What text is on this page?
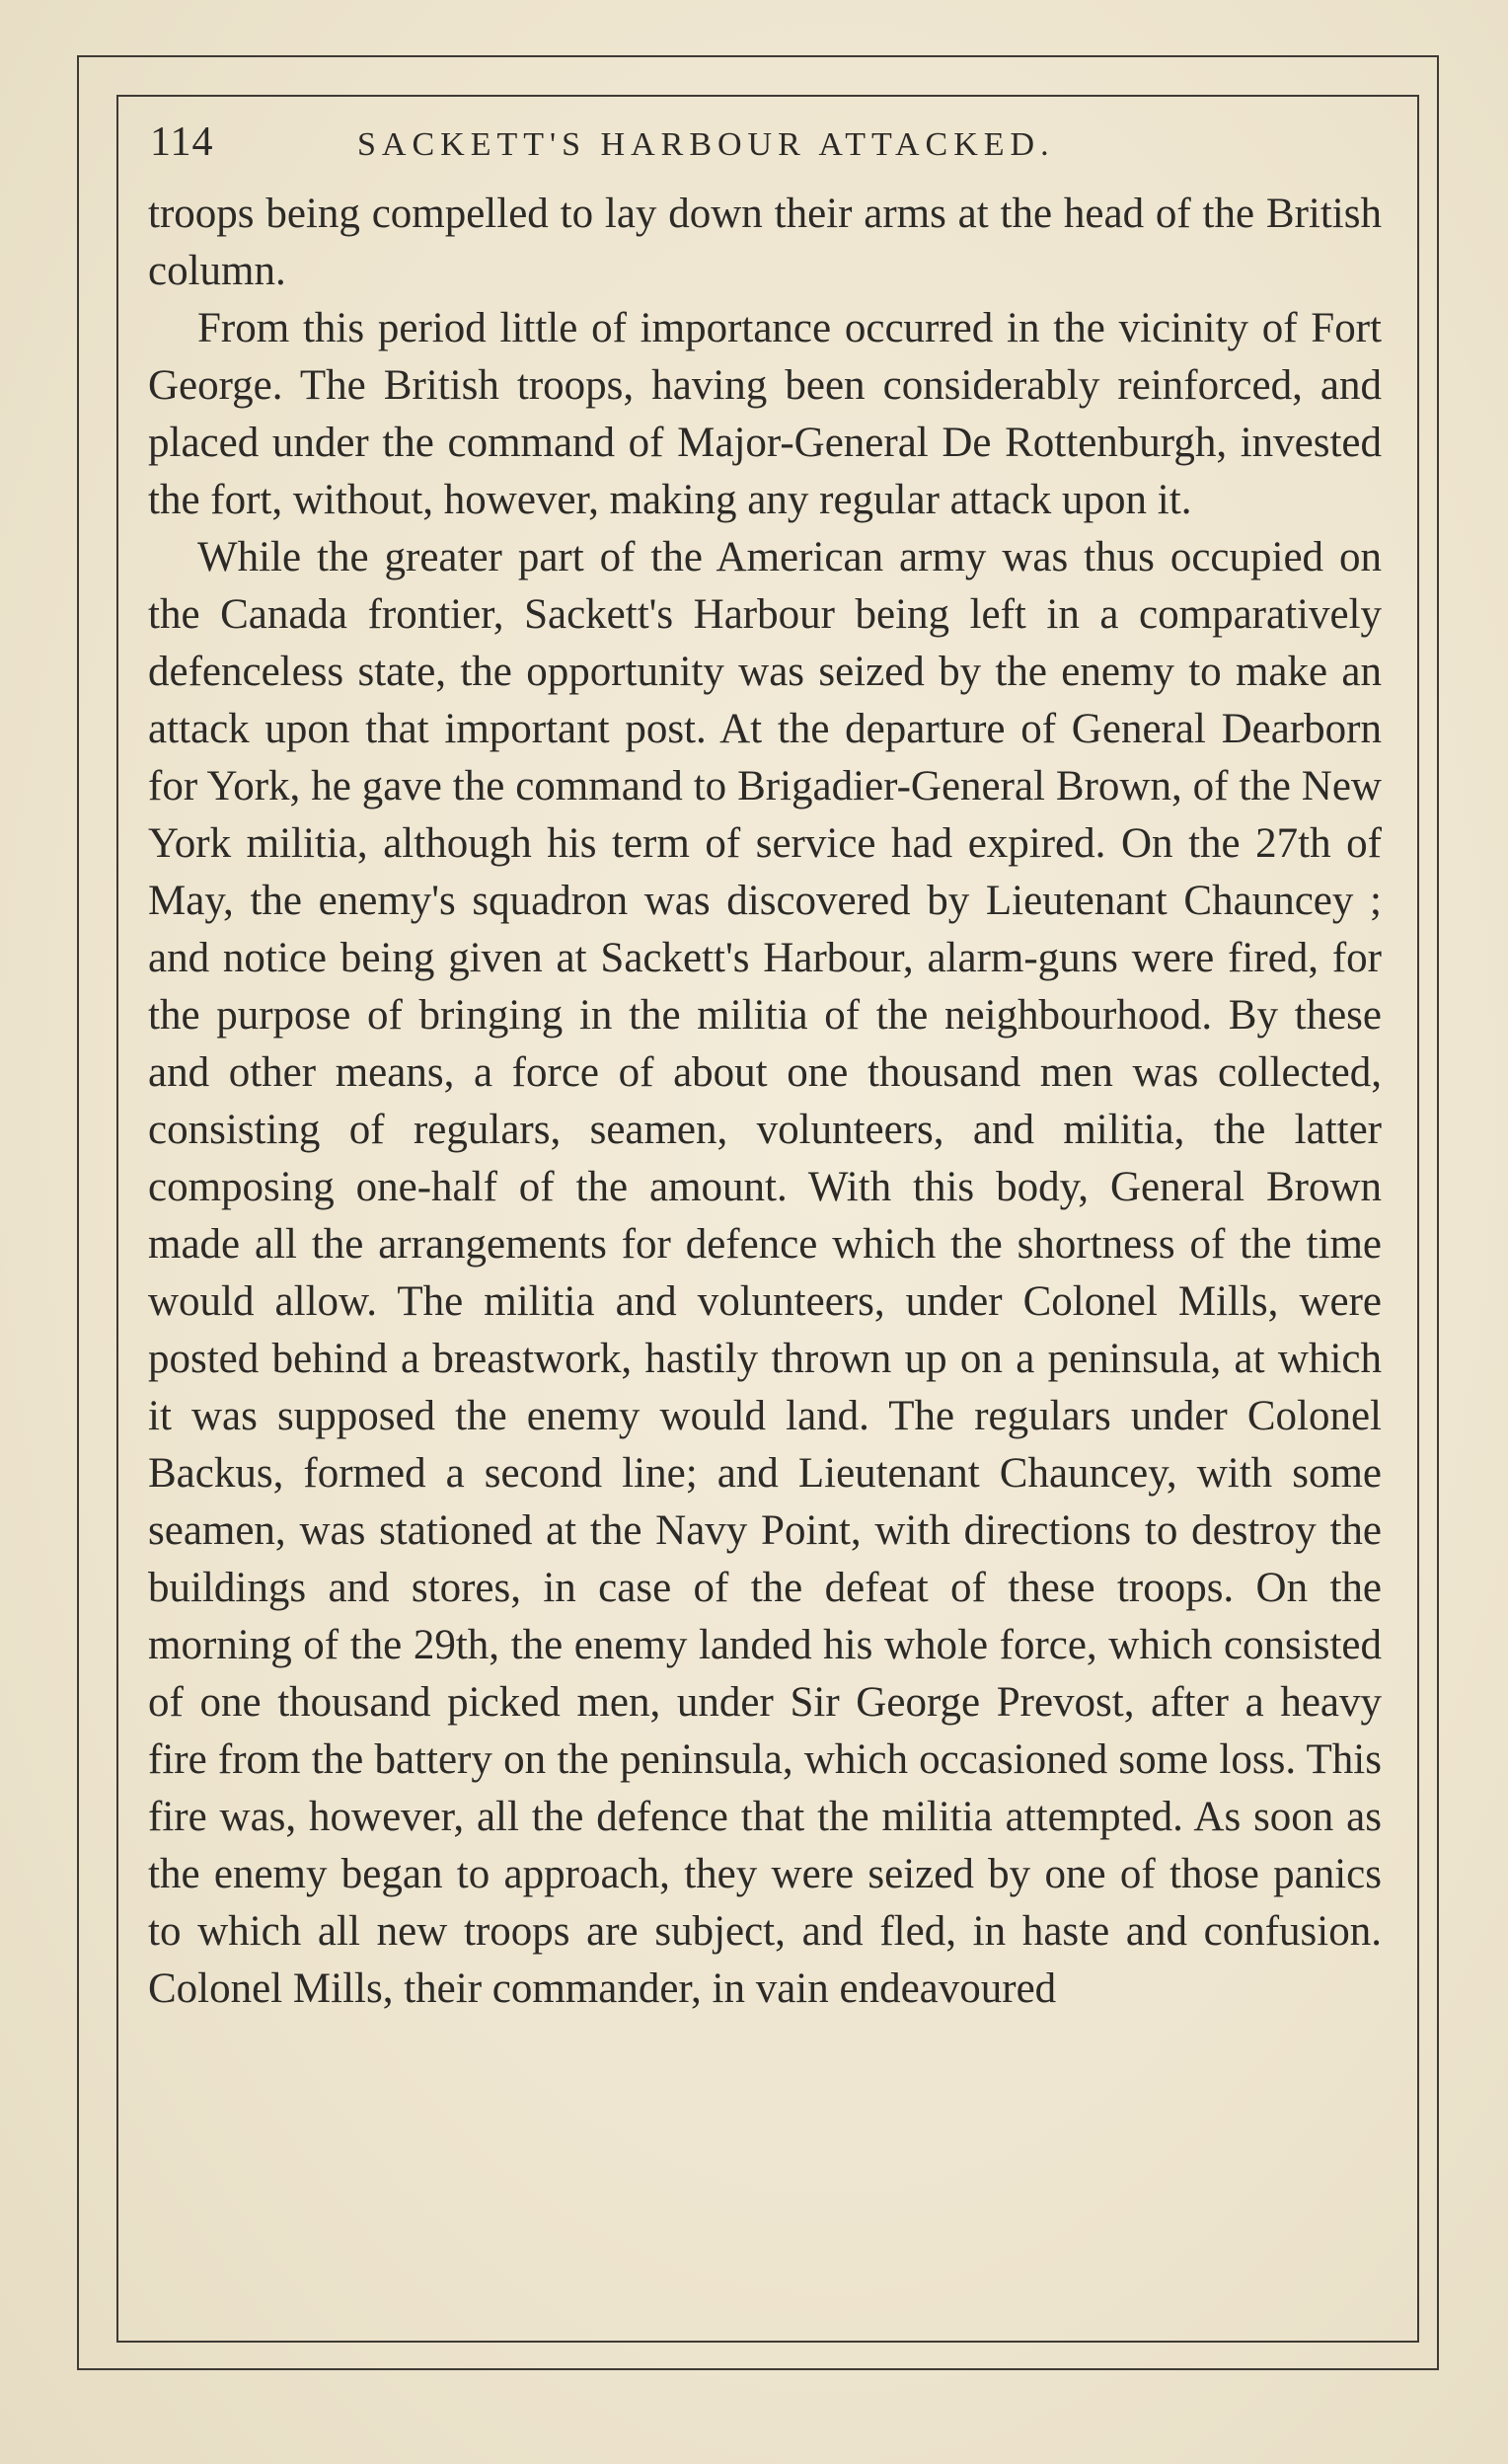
114	SACKETT'S HARBOUR ATTACKED.

troops being compelled to lay down their arms at the head of the British column.

From this period little of importance occurred in the vicinity of Fort George. The British troops, having been considerably reinforced, and placed under the command of Major-General De Rottenburgh, invested the fort, without, however, making any regular attack upon it.

While the greater part of the American army was thus occupied on the Canada frontier, Sackett's Harbour being left in a comparatively defenceless state, the opportunity was seized by the enemy to make an attack upon that important post. At the departure of General Dearborn for York, he gave the command to Brigadier-General Brown, of the New York militia, although his term of service had expired. On the 27th of May, the enemy's squadron was discovered by Lieutenant Chauncey ; and notice being given at Sackett's Harbour, alarm-guns were fired, for the purpose of bringing in the militia of the neighbourhood. By these and other means, a force of about one thousand men was collected, consisting of regulars, seamen, volunteers, and militia, the latter composing one-half of the amount. With this body, General Brown made all the arrangements for defence which the shortness of the time would allow. The militia and volunteers, under Colonel Mills, were posted behind a breastwork, hastily thrown up on a peninsula, at which it was supposed the enemy would land. The regulars under Colonel Backus, formed a second line; and Lieutenant Chauncey, with some seamen, was stationed at the Navy Point, with directions to destroy the buildings and stores, in case of the defeat of these troops. On the morning of the 29th, the enemy landed his whole force, which consisted of one thousand picked men, under Sir George Prevost, after a heavy fire from the battery on the peninsula, which occasioned some loss. This fire was, however, all the defence that the militia attempted. As soon as the enemy began to approach, they were seized by one of those panics to which all new troops are subject, and fled, in haste and confusion. Colonel Mills, their commander, in vain endeavoured
